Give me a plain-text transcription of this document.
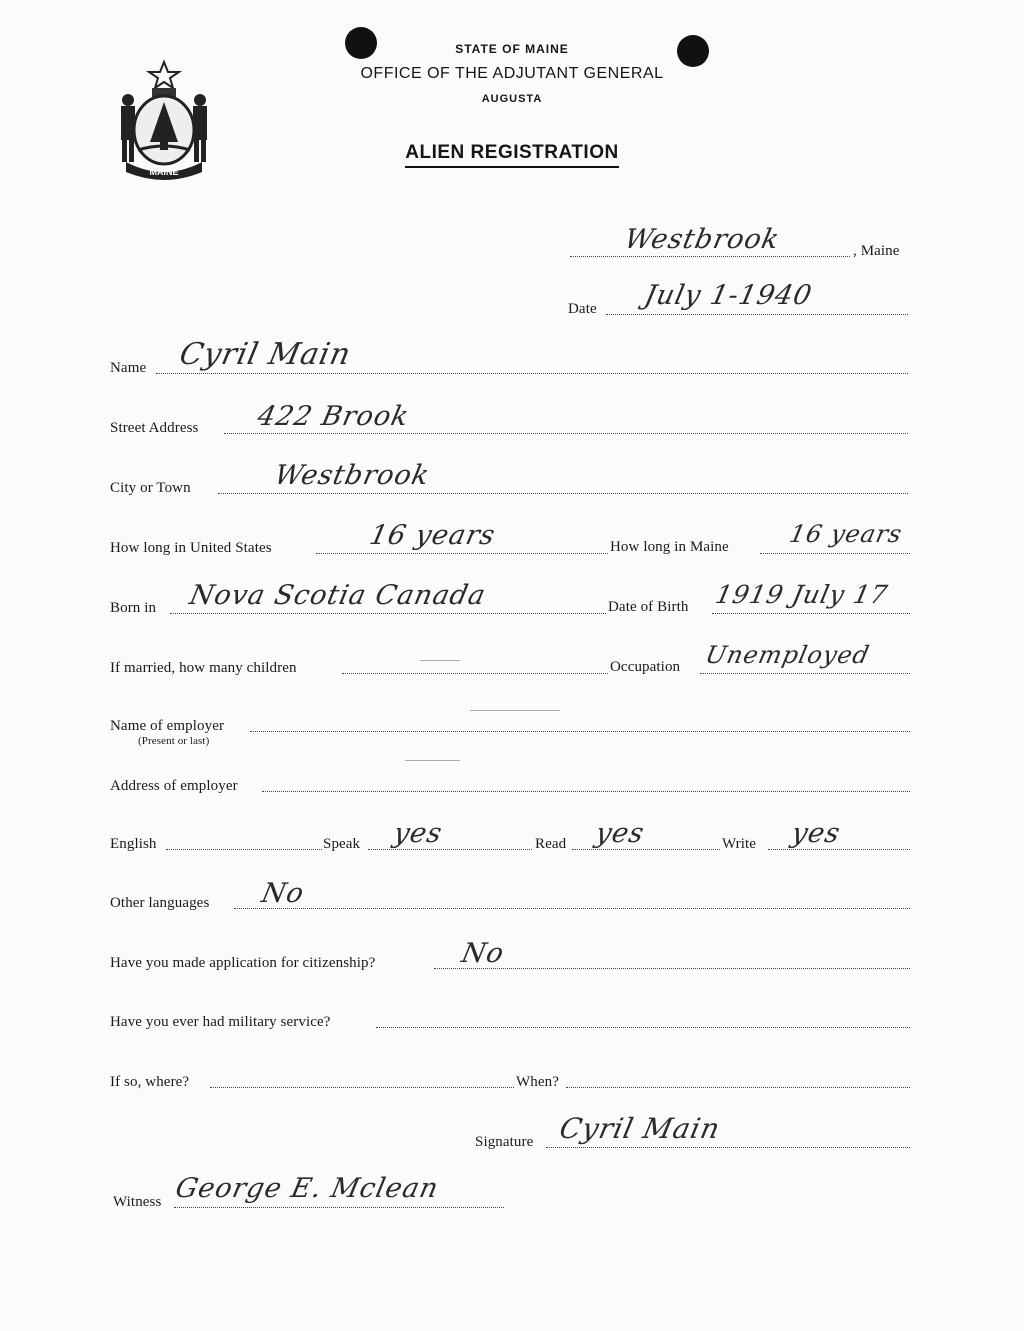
MAINE
STATE OF MAINE
OFFICE OF THE ADJUTANT GENERAL
AUGUSTA
ALIEN REGISTRATION
Westbrook	, Maine
Date July 1-1940
Name Cyril Main
Street Address 422 Brook
City or Town	Westbrook
How long in United States	16 years	How long in Maine 16 years
Born in Nova Scotia Canada	Date of Birth 1919 July 17
If married, how many children	Occupation Unemployed
Name of employer
(Present or last)
Address of employer
English	Speak yes	Read yes	Write yes
Other languages No
Have you made application for citizenship?	No
Have you ever had military service?
If so, where?	When?
Signature Cyril Main
Witness George E. Mclean
